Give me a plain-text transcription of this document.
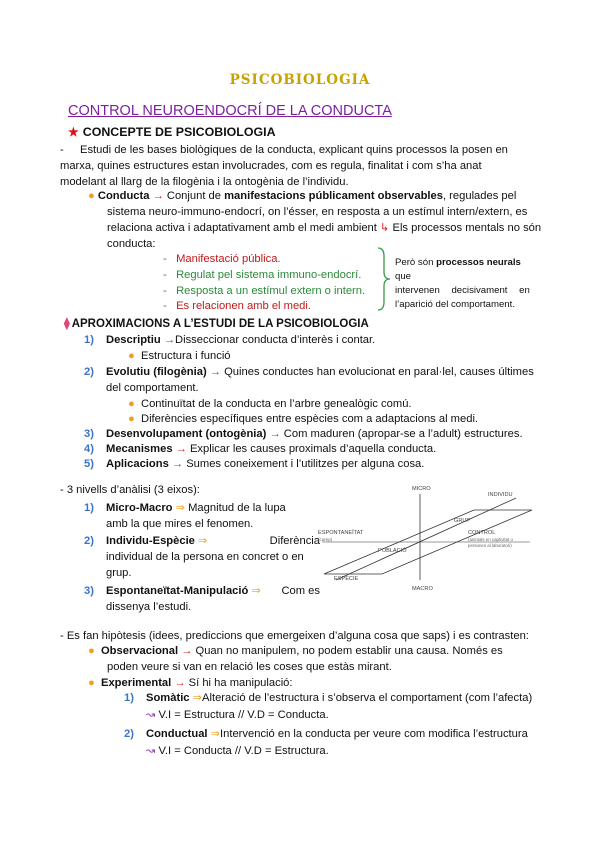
PSICOBIOLOGIA
CONTROL NEUROENDOCRÍ DE LA CONDUCTA
★ CONCEPTE DE PSICOBIOLOGIA
- Estudi de les bases biològiques de la conducta, explicant quins processos la posen en
marxa, quines estructures estan involucrades, com es regula, finalitat i com s’ha anat
modelant al llarg de la filogènia i la ontogènia de l’individu.
● Conducta → Conjunt de manifestacions públicament observables, regulades pel
sistema neuro-immuno-endocrí, on l’ésser, en resposta a un estímul intern/extern, es
relaciona activa i adaptativament amb el medi ambient ↳ Els processos mentals no són
conducta:
- Manifestació pública.
- Regulat pel sistema immuno-endocrí.
- Resposta a un estímul extern o intern.
- Es relacionen amb el medi.
Però són processos neurals que
intervenen decisivament en
l’aparició del comportament.
⧫ APROXIMACIONS A L’ESTUDI DE LA PSICOBIOLOGIA
1) Descriptiu →Disseccionar conducta d’interès i contar.
● Estructura i funció
2) Evolutiu (filogènia) → Quines conductes han evolucionat en paral·lel, causes últimes
del comportament.
● Continuïtat de la conducta en l’arbre genealògic comú.
● Diferències específiques entre espècies com a adaptacions al medi.
3) Desenvolupament (ontogènia) → Com maduren (apropar-se a l’adult) estructures.
4) Mecanismes → Explicar les causes proximals d’aquella conducta.
5) Aplicacions → Sumes coneixement i l’utilitzes per alguna cosa.
- 3 nivells d’anàlisi (3 eixos):
1) Micro-Macro ⇒ Magnitud de la lupa
amb la que mires el fenomen.
2)	Individu-Espècie
⇒	Diferència
individual de la persona en concret o en
grup.
3)	Espontaneïtat-Manipulació
⇒	Com es
dissenya l’estudi.
MICRO
MACRO
INDIVIDU
GRUP
POBLACIÓ
ESPÈCIE
ESPONTANEÏTAT
(camp)
CONTROL
(animals en captivitat o
persones al laboratori)
- Es fan hipòtesis (idees, prediccions que emergeixen d’alguna cosa que saps) i es contrasten:
●
Observacional
→
Quan no manipulem, no podem establir una causa. Només es
poden veure si van en relació les coses que estàs mirant.
● Experimental → Sí hi ha manipulació:
1) Somàtic ⇒Alteració de l’estructura i s’observa el comportament (com l’afecta)
↝ V.I = Estructura // V.D = Conducta.
2) Conductual ⇒Intervenció en la conducta per veure com modifica l’estructura
↝ V.I = Conducta // V.D = Estructura.
